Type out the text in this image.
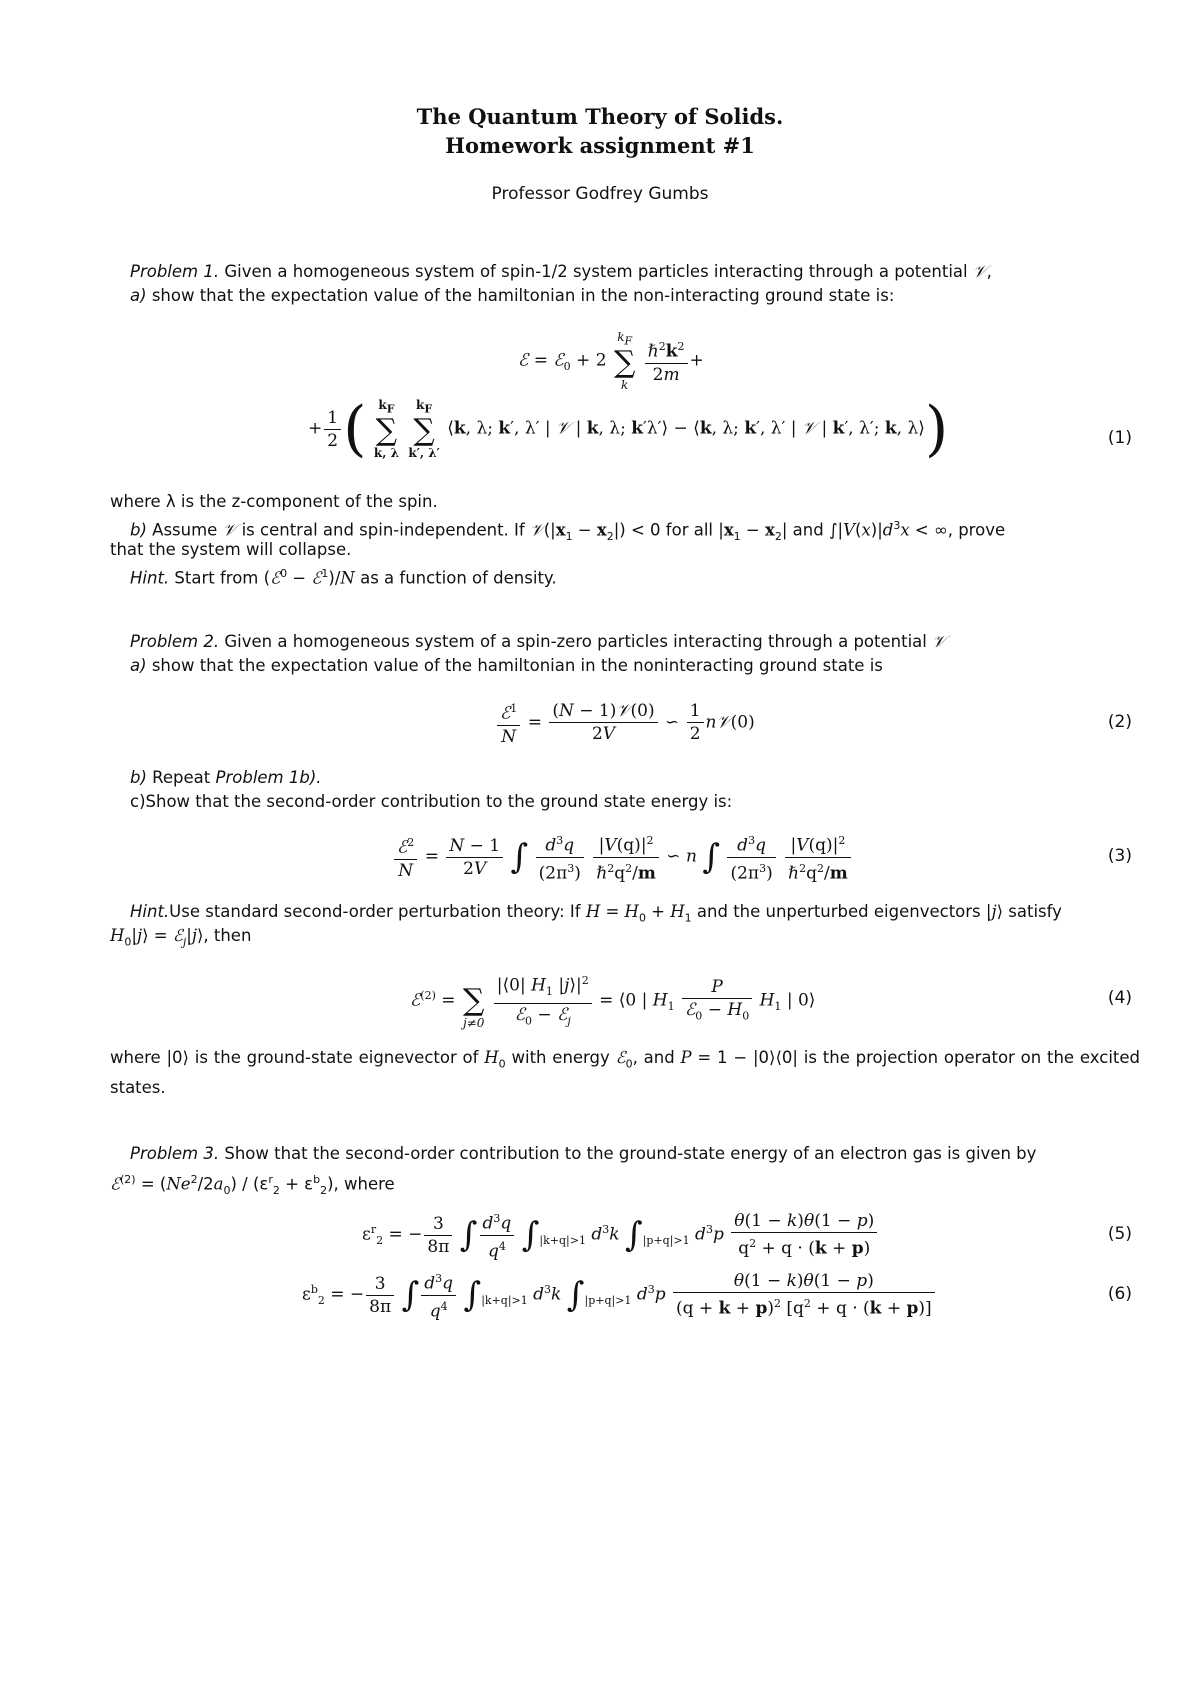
The Quantum Theory of Solids.
Homework assignment #1
Professor Godfrey Gumbs
Problem 1. Given a homogeneous system of spin-1/2 system particles interacting through a potential 𝒱,
a) show that the expectation value of the hamiltonian in the non-interacting ground state is:
ℰ = ℰ$_0$ + 2
$k_F$
∑
k
$\frac{\hbar^2k^2}{2m}$ +
+ $\frac{1}{2}$ ( $k_F$
∑
k, λ

$k_F$
∑
k′, λ′
⟨k, λ; k′, λ′ | 𝒱 | k, λ; k′λ′⟩ − ⟨k, λ; k′, λ′ | 𝒱 | k′, λ′; k, λ⟩)	(1)
where λ is the z-component of the spin.
b) Assume 𝒱 is central and spin-independent. If $𝒱(|x_1 - x_2|) < 0$ for all $|x_1 - x_2|$ and $\int|V(x)|d^3x$ < ∞, prove
that the system will collapse.
Hint. Start from (ℰ$^0$ − ℰ$^1$)/N as a function of density.
Problem 2. Given a homogeneous system of a spin-zero particles interacting through a potential 𝒱
a) show that the expectation value of the hamiltonian in the noninteracting ground state is
$\frac{ℰ^1}{N} = \frac{\text{(N − 1)𝒱(0)}}{2V}$ ∽ $\frac{1}{2}$ n𝒱(0)	(2)
b) Repeat Problem 1b).
c)Show that the second-order contribution to the ground state energy is:
$\frac{ℰ^2}{N} = \frac{N - 1}{2V}$ ∫ $\frac{d^3q}{(2\pi^3)}$
$\frac{|V(q)|^2}{\hbar^2q^2/m}$ ∽ n ∫ $\frac{d^3q}{(2\pi^3)}$
$\frac{|V(q)|^2}{\hbar^2q^2/m}$	(3)
Hint.Use standard second-order perturbation theory: If $H = H_0 + H_1$ and the unperturbed eigenvectors |j⟩ satisfy
$H_0|j⟩$ = ℰ$_j$|j⟩, then
ℰ$^{(2)}$ =
∑
j≠0
$\frac{|⟨0| H_1 |j⟩|^2}{ℰ_0 - ℰ_j}$ = ⟨0 | $H_1 \frac{P}{ℰ_0 - H_0} H_1$ | 0⟩	(4)
where |0⟩ is the ground-state eignevector of $H_0$ with energy ℰ$_0$, and P = 1 − |0⟩⟨0| is the projection operator on the excited states.
Problem 3. Show that the second-order contribution to the ground-state energy of an electron gas is given by
ℰ$^{(2)}$ = $(Ne^2/2a_0) / (\varepsilon^r_2 + \varepsilon^b_2)$, where
$\varepsilon^r_2$ = − $\frac{3}{8\pi}$ ∫ $\frac{d^3q}{q^4} \int_{|k+q|>1}$ $d^3k$ $\int_{|p+q|>1}$ $d^3p \frac{\theta(1 - k)\theta(1 - p)}{q^2 + q \cdot (k + p)}$	(5)
$\varepsilon^b_2$ = − $\frac{3}{8\pi}$ ∫ $\frac{d^3q}{q^4} \int_{|k+q|>1}$ $d^3k$ $\int_{|p+q|>1}$ $d^3p \frac{\theta(1 - k)\theta(1 - p)}{(q + k + p)^2 [q^2 + q \cdot (k + p)]}$	(6)
